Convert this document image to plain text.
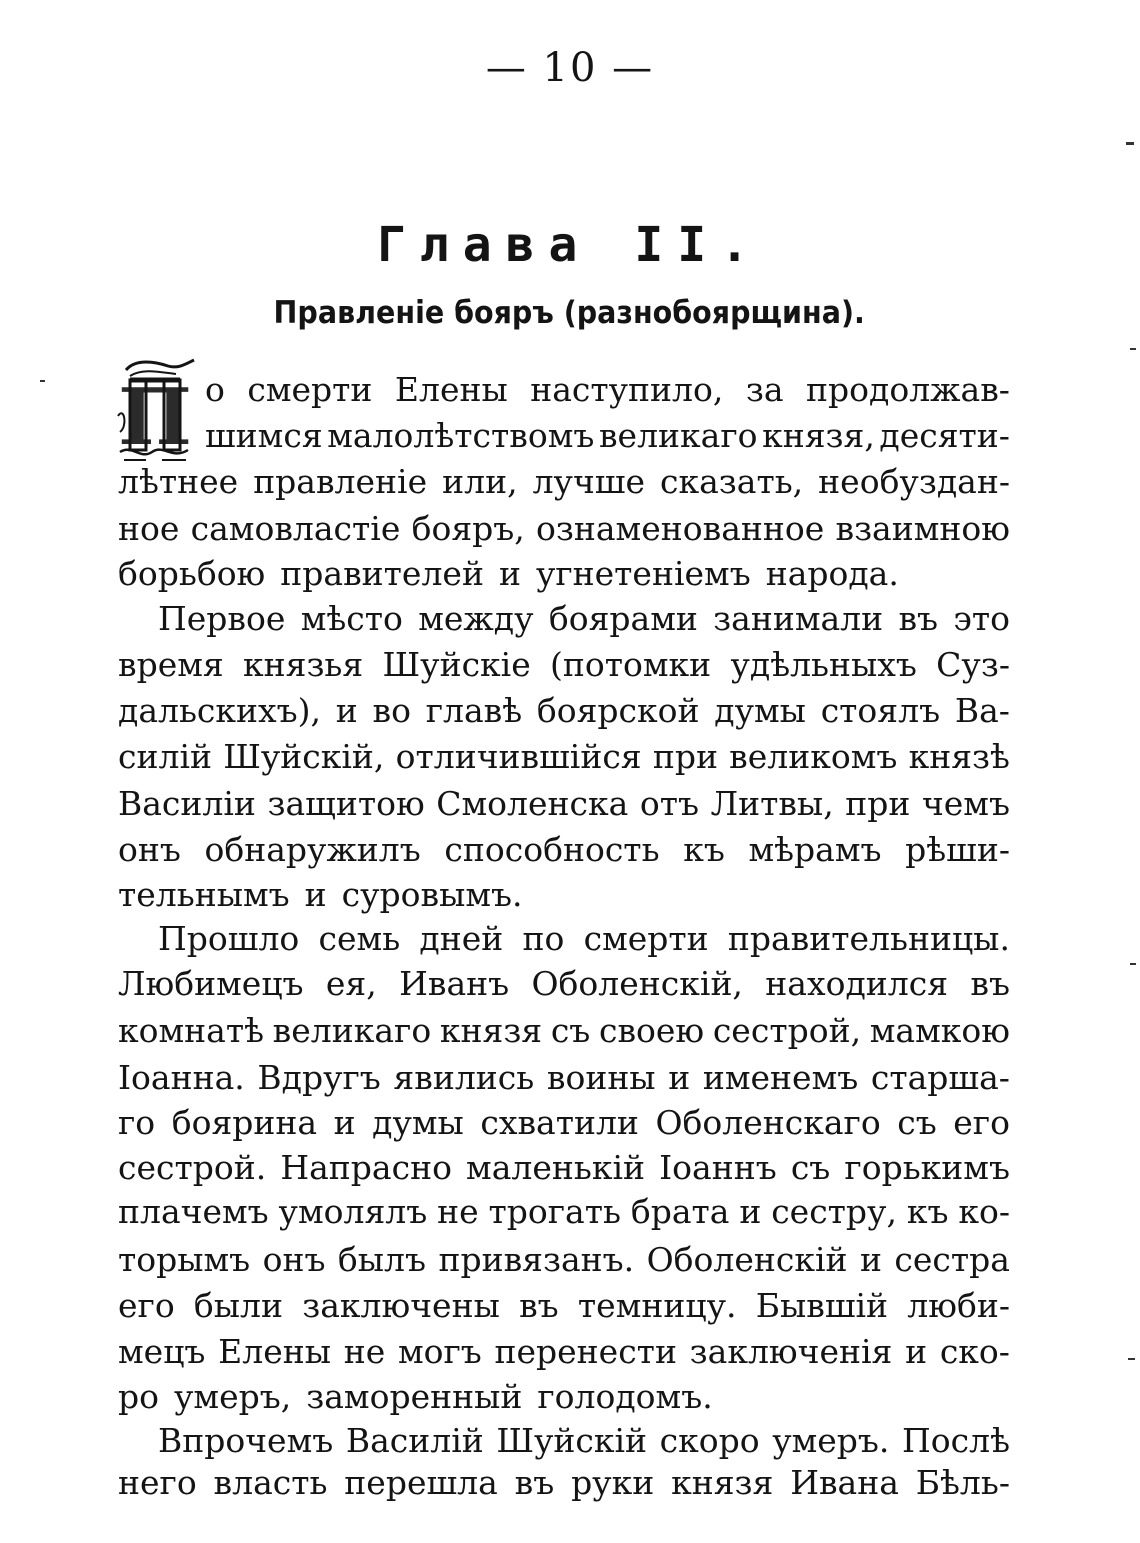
— 10 —
Глава II.
Правленіе бояръ (разнобоярщина).
П о смерти Елены наступило, за продолжав-
шимся малолѣтствомъ великаго князя, десяти-
лѣтнее правленіе или, лучше сказать, необуздан-
ное самовластіе бояръ, ознаменованное взаимною
борьбою правителей и угнетеніемъ народа.
Первое мѣсто между боярами занимали въ это
время князья Шуйскіе (потомки удѣльныхъ Суз-
дальскихъ), и во главѣ боярской думы стоялъ Ва-
силій Шуйскій, отличившійся при великомъ князѣ
Василіи защитою Смоленска отъ Литвы, при чемъ
онъ обнаружилъ способность къ мѣрамъ рѣши-
тельнымъ и суровымъ.
Прошло семь дней по смерти правительницы.
Любимецъ ея, Иванъ Оболенскій, находился въ
комнатѣ великаго князя съ своею сестрой, мамкою
Іоанна. Вдругъ явились воины и именемъ старша-
го боярина и думы схватили Оболенскаго съ его
сестрой. Напрасно маленькій Іоаннъ съ горькимъ
плачемъ умолялъ не трогать брата и сестру, къ ко-
торымъ онъ былъ привязанъ. Оболенскій и сестра
его были заключены въ темницу. Бывшій люби-
мецъ Елены не могъ перенести заключенія и ско-
ро умеръ, заморенный голодомъ.
Впрочемъ Василій Шуйскій скоро умеръ. Послѣ
него власть перешла въ руки князя Ивана Бѣль-
